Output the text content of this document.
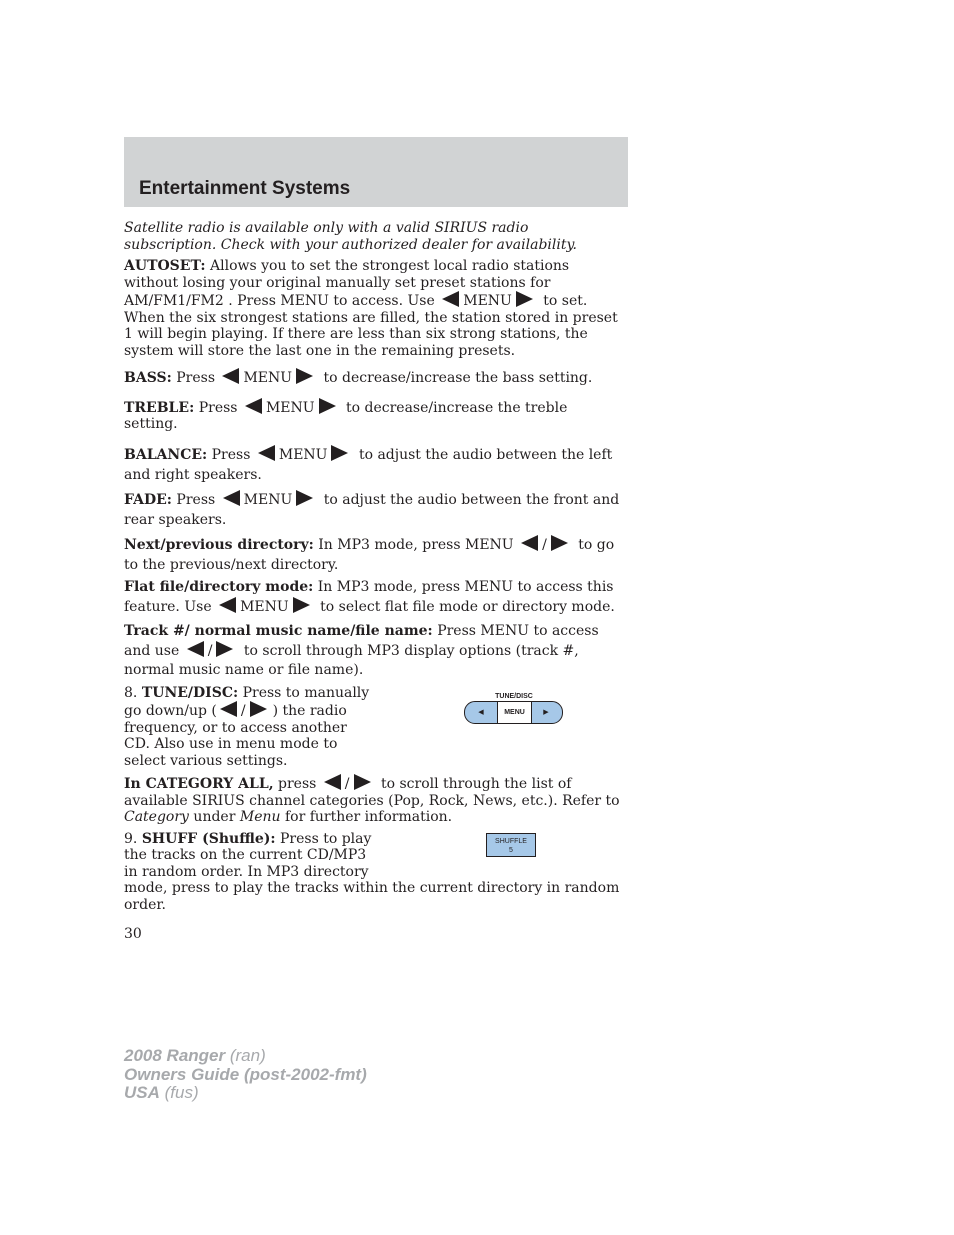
Entertainment Systems

Satellite radio is available only with a valid SIRIUS radio subscription. Check with your authorized dealer for availability.

AUTOSET: Allows you to set the strongest local radio stations without losing your original manually set preset stations for AM/FM1/FM2 . Press MENU to access. Use MENU to set.

When the six strongest stations are filled, the station stored in preset 1 will begin playing. If there are less than six strong stations, the system will store the last one in the remaining presets.

BASS: Press MENU to decrease/increase the bass setting.

TREBLE: Press MENU to decrease/increase the treble setting.

BALANCE: Press MENU to adjust the audio between the left and right speakers.

FADE: Press MENU to adjust the audio between the front and rear speakers.

Next/previous directory: In MP3 mode, press MENU / to go to the previous/next directory.

Flat file/directory mode: In MP3 mode, press MENU to access this feature. Use MENU to select flat file mode or directory mode.

Track #/ normal music name/file name: Press MENU to access and use / to scroll through MP3 display options (track #, normal music name or file name).

8. TUNE/DISC: Press to manually go down/up ( / ) the radio frequency, or to access another CD. Also use in menu mode to select various settings.

TUNE/DISC
◀	MENU	▶

In CATEGORY ALL, press / to scroll through the list of available SIRIUS channel categories (Pop, Rock, News, etc.). Refer to Category under Menu for further information.

9. SHUFF (Shuffle): Press to play the tracks on the current CD/MP3 in random order. In MP3 directory

mode, press to play the tracks within the current directory in random order.

SHUFFLE
5
30
2008 Ranger (ran)
Owners Guide (post-2002-fmt)
USA (fus)
